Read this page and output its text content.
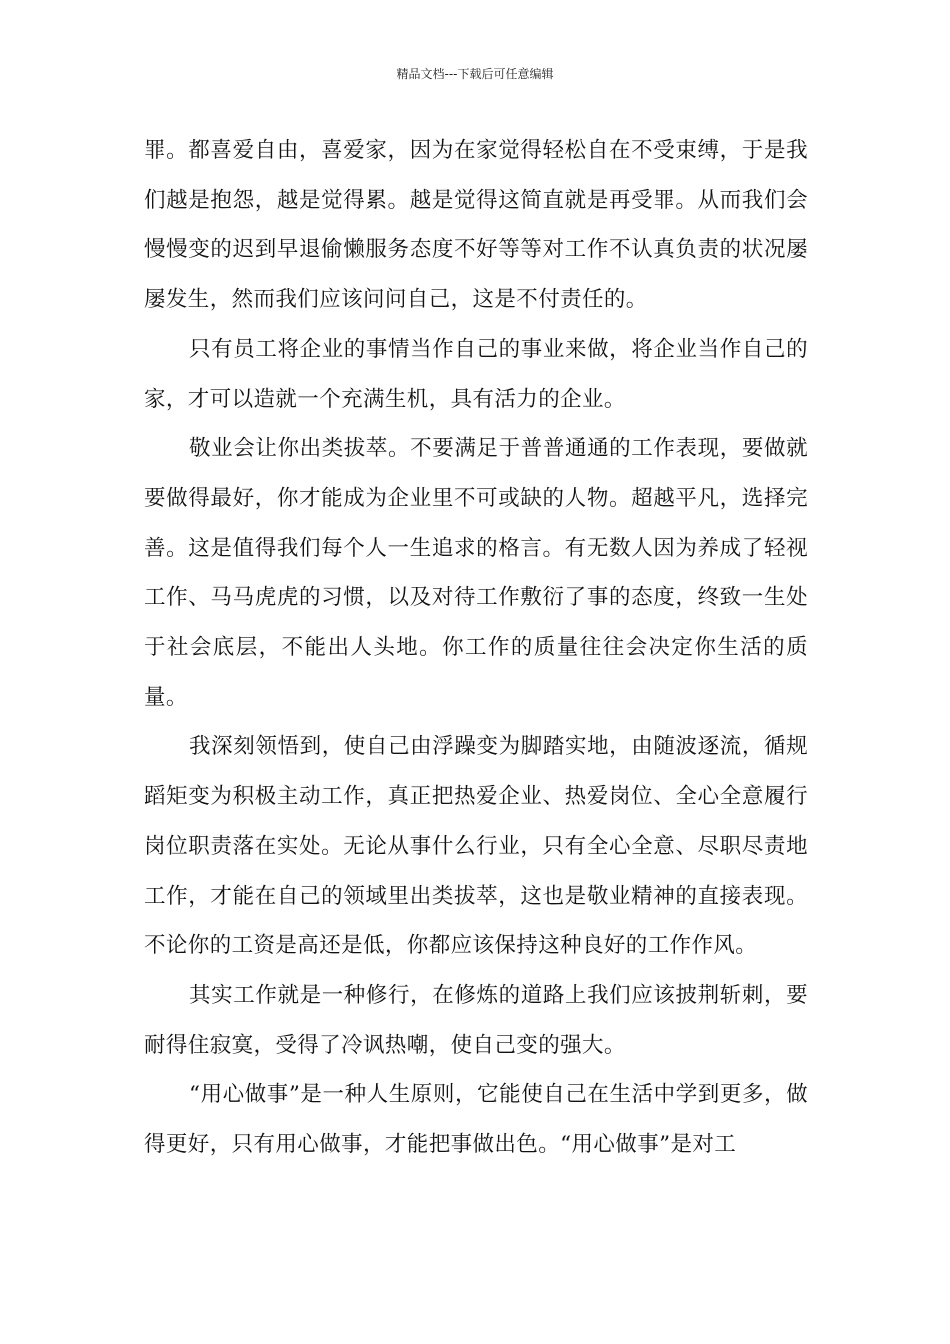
精品文档---下载后可任意编辑

罪。都喜爱自由，喜爱家，因为在家觉得轻松自在不受束缚，于是我们越是抱怨，越是觉得累。越是觉得这简直就是再受罪。从而我们会慢慢变的迟到早退偷懒服务态度不好等等对工作不认真负责的状况屡屡发生，然而我们应该问问自己，这是不付责任的。

只有员工将企业的事情当作自己的事业来做，将企业当作自己的家，才可以造就一个充满生机，具有活力的企业。

敬业会让你出类拔萃。不要满足于普普通通的工作表现，要做就要做得最好，你才能成为企业里不可或缺的人物。超越平凡，选择完善。这是值得我们每个人一生追求的格言。有无数人因为养成了轻视工作、马马虎虎的习惯，以及对待工作敷衍了事的态度，终致一生处于社会底层，不能出人头地。你工作的质量往往会决定你生活的质量。

我深刻领悟到，使自己由浮躁变为脚踏实地，由随波逐流，循规蹈矩变为积极主动工作，真正把热爱企业、热爱岗位、全心全意履行岗位职责落在实处。无论从事什么行业，只有全心全意、尽职尽责地工作，才能在自己的领域里出类拔萃，这也是敬业精神的直接表现。不论你的工资是高还是低，你都应该保持这种良好的工作作风。

其实工作就是一种修行，在修炼的道路上我们应该披荆斩刺，要耐得住寂寞，受得了冷讽热嘲，使自己变的强大。

“用心做事”是一种人生原则，它能使自己在生活中学到更多，做得更好，只有用心做事，才能把事做出色。“用心做事”是对工
